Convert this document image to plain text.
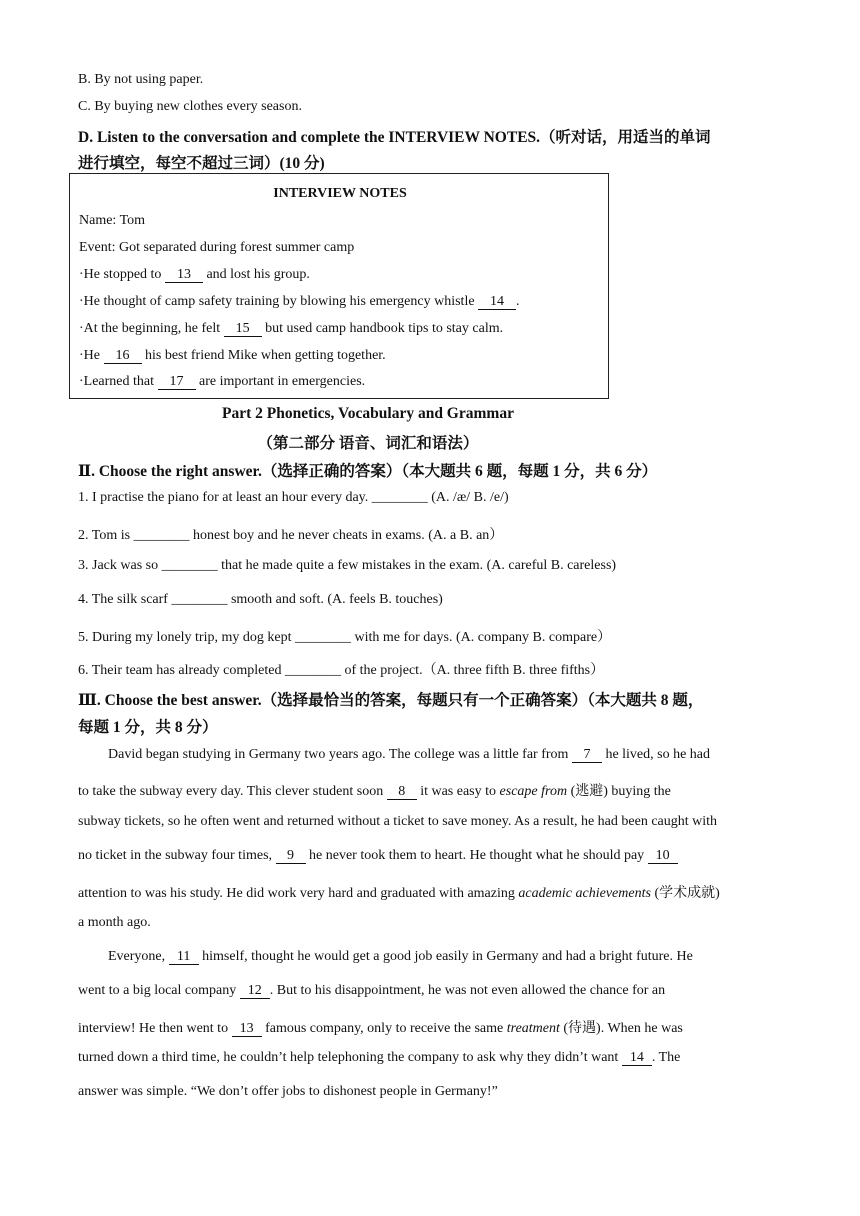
B. By not using paper.
C. By buying new clothes every season.
D. Listen to the conversation and complete the INTERVIEW NOTES.（听对话，用适当的单词
进行填空，每空不超过三词）(10 分)
INTERVIEW NOTES
Name: Tom
Event: Got separated during forest summer camp
·He stopped to 13 and lost his group.
·He thought of camp safety training by blowing his emergency whistle 14 .
·At the beginning, he felt 15 but used camp handbook tips to stay calm.
·He 16 his best friend Mike when getting together.
·Learned that 17 are important in emergencies.
Part 2 Phonetics, Vocabulary and Grammar
（第二部分 语音、词汇和语法）
Ⅱ. Choose the right answer.（选择正确的答案）（本大题共 6 题，每题 1 分，共 6 分）
1. I practise the piano for at least an hour every day. ________ (A. /æ/ B. /e/)
2. Tom is ________ honest boy and he never cheats in exams. (A. a B. an）
3. Jack was so ________ that he made quite a few mistakes in the exam. (A. careful B. careless)
4. The silk scarf ________ smooth and soft. (A. feels B. touches)
5. During my lonely trip, my dog kept ________ with me for days. (A. company B. compare）
6. Their team has already completed ________ of the project.（A. three fifth B. three fifths）
Ⅲ. Choose the best answer.（选择最恰当的答案，每题只有一个正确答案）（本大题共 8 题，
每题 1 分，共 8 分）
David began studying in Germany two years ago. The college was a little far from 7 he lived, so he had
to take the subway every day. This clever student soon 8 it was easy to escape from (逃避) buying the
subway tickets, so he often went and returned without a ticket to save money. As a result, he had been caught with
no ticket in the subway four times, 9 he never took them to heart. He thought what he should pay 10
attention to was his study. He did work very hard and graduated with amazing academic achievements (学术成就)
a month ago.
Everyone, 11 himself, thought he would get a good job easily in Germany and had a bright future. He
went to a big local company 12 . But to his disappointment, he was not even allowed the chance for an
interview! He then went to 13 famous company, only to receive the same treatment (待遇). When he was
turned down a third time, he couldn’t help telephoning the company to ask why they didn’t want 14 . The
answer was simple. “We don’t offer jobs to dishonest people in Germany!”
